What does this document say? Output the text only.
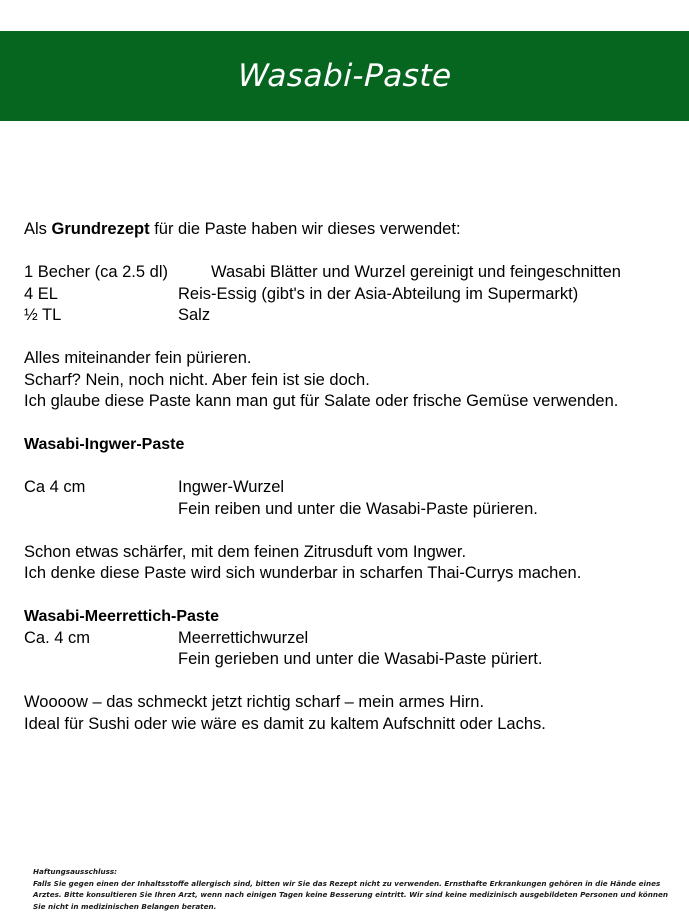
Wasabi-Paste
Als Grundrezept für die Paste haben wir dieses verwendet:
1 Becher (ca 2.5 dl)	Wasabi Blätter und Wurzel gereinigt und feingeschnitten
4 EL	Reis-Essig (gibt's in der Asia-Abteilung im Supermarkt)
½ TL	Salz
Alles miteinander fein pürieren.
Scharf? Nein, noch nicht. Aber fein ist sie doch.
Ich glaube diese Paste kann man gut für Salate oder frische Gemüse verwenden.
Wasabi-Ingwer-Paste
Ca 4 cm	Ingwer-Wurzel
Fein reiben und unter die Wasabi-Paste pürieren.
Schon etwas schärfer, mit dem feinen Zitrusduft vom Ingwer.
Ich denke diese Paste wird sich wunderbar in scharfen Thai-Currys machen.
Wasabi-Meerrettich-Paste
Ca. 4 cm	Meerrettichwurzel
Fein gerieben und unter die Wasabi-Paste püriert.
Woooow – das schmeckt jetzt richtig scharf – mein armes Hirn.
Ideal für Sushi oder wie wäre es damit zu kaltem Aufschnitt oder Lachs.
Haftungsausschluss:
Falls Sie gegen einen der Inhaltsstoffe allergisch sind, bitten wir Sie das Rezept nicht zu verwenden. Ernsthafte Erkrankungen gehören in die Hände eines Arztes. Bitte konsultieren Sie Ihren Arzt, wenn nach einigen Tagen keine Besserung eintritt. Wir sind keine medizinisch ausgebildeten Personen und können Sie nicht in medizinischen Belangen beraten.
